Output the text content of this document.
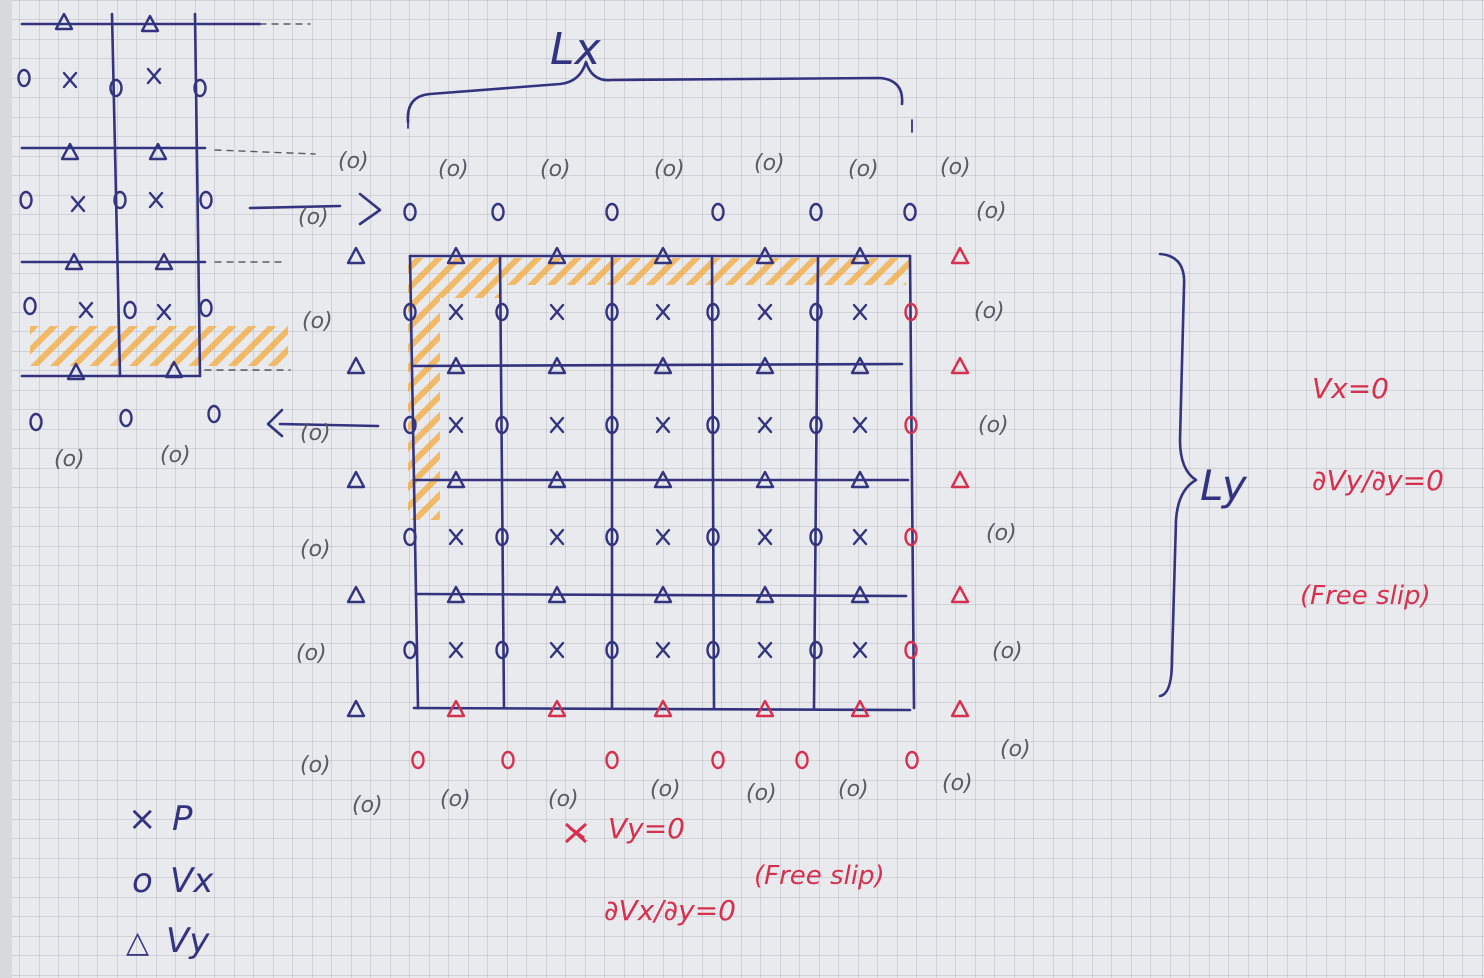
(o)	(o)	(o)	(o)	(o)	(o)	(o)
(o)	(o)
(o)	(o)
(o)	(o)
(o)
(o)
(o)	(o)
(o)
(o)
(o)	(o)	(o)	(o)	(o)	(o)	(o)
(o)	(o)
Lx
Ly
Vx=0
∂Vy/∂y=0
(Free slip)
Vy=0
∂Vx/∂y=0
(Free slip)
× P
o Vx
△ Vy
